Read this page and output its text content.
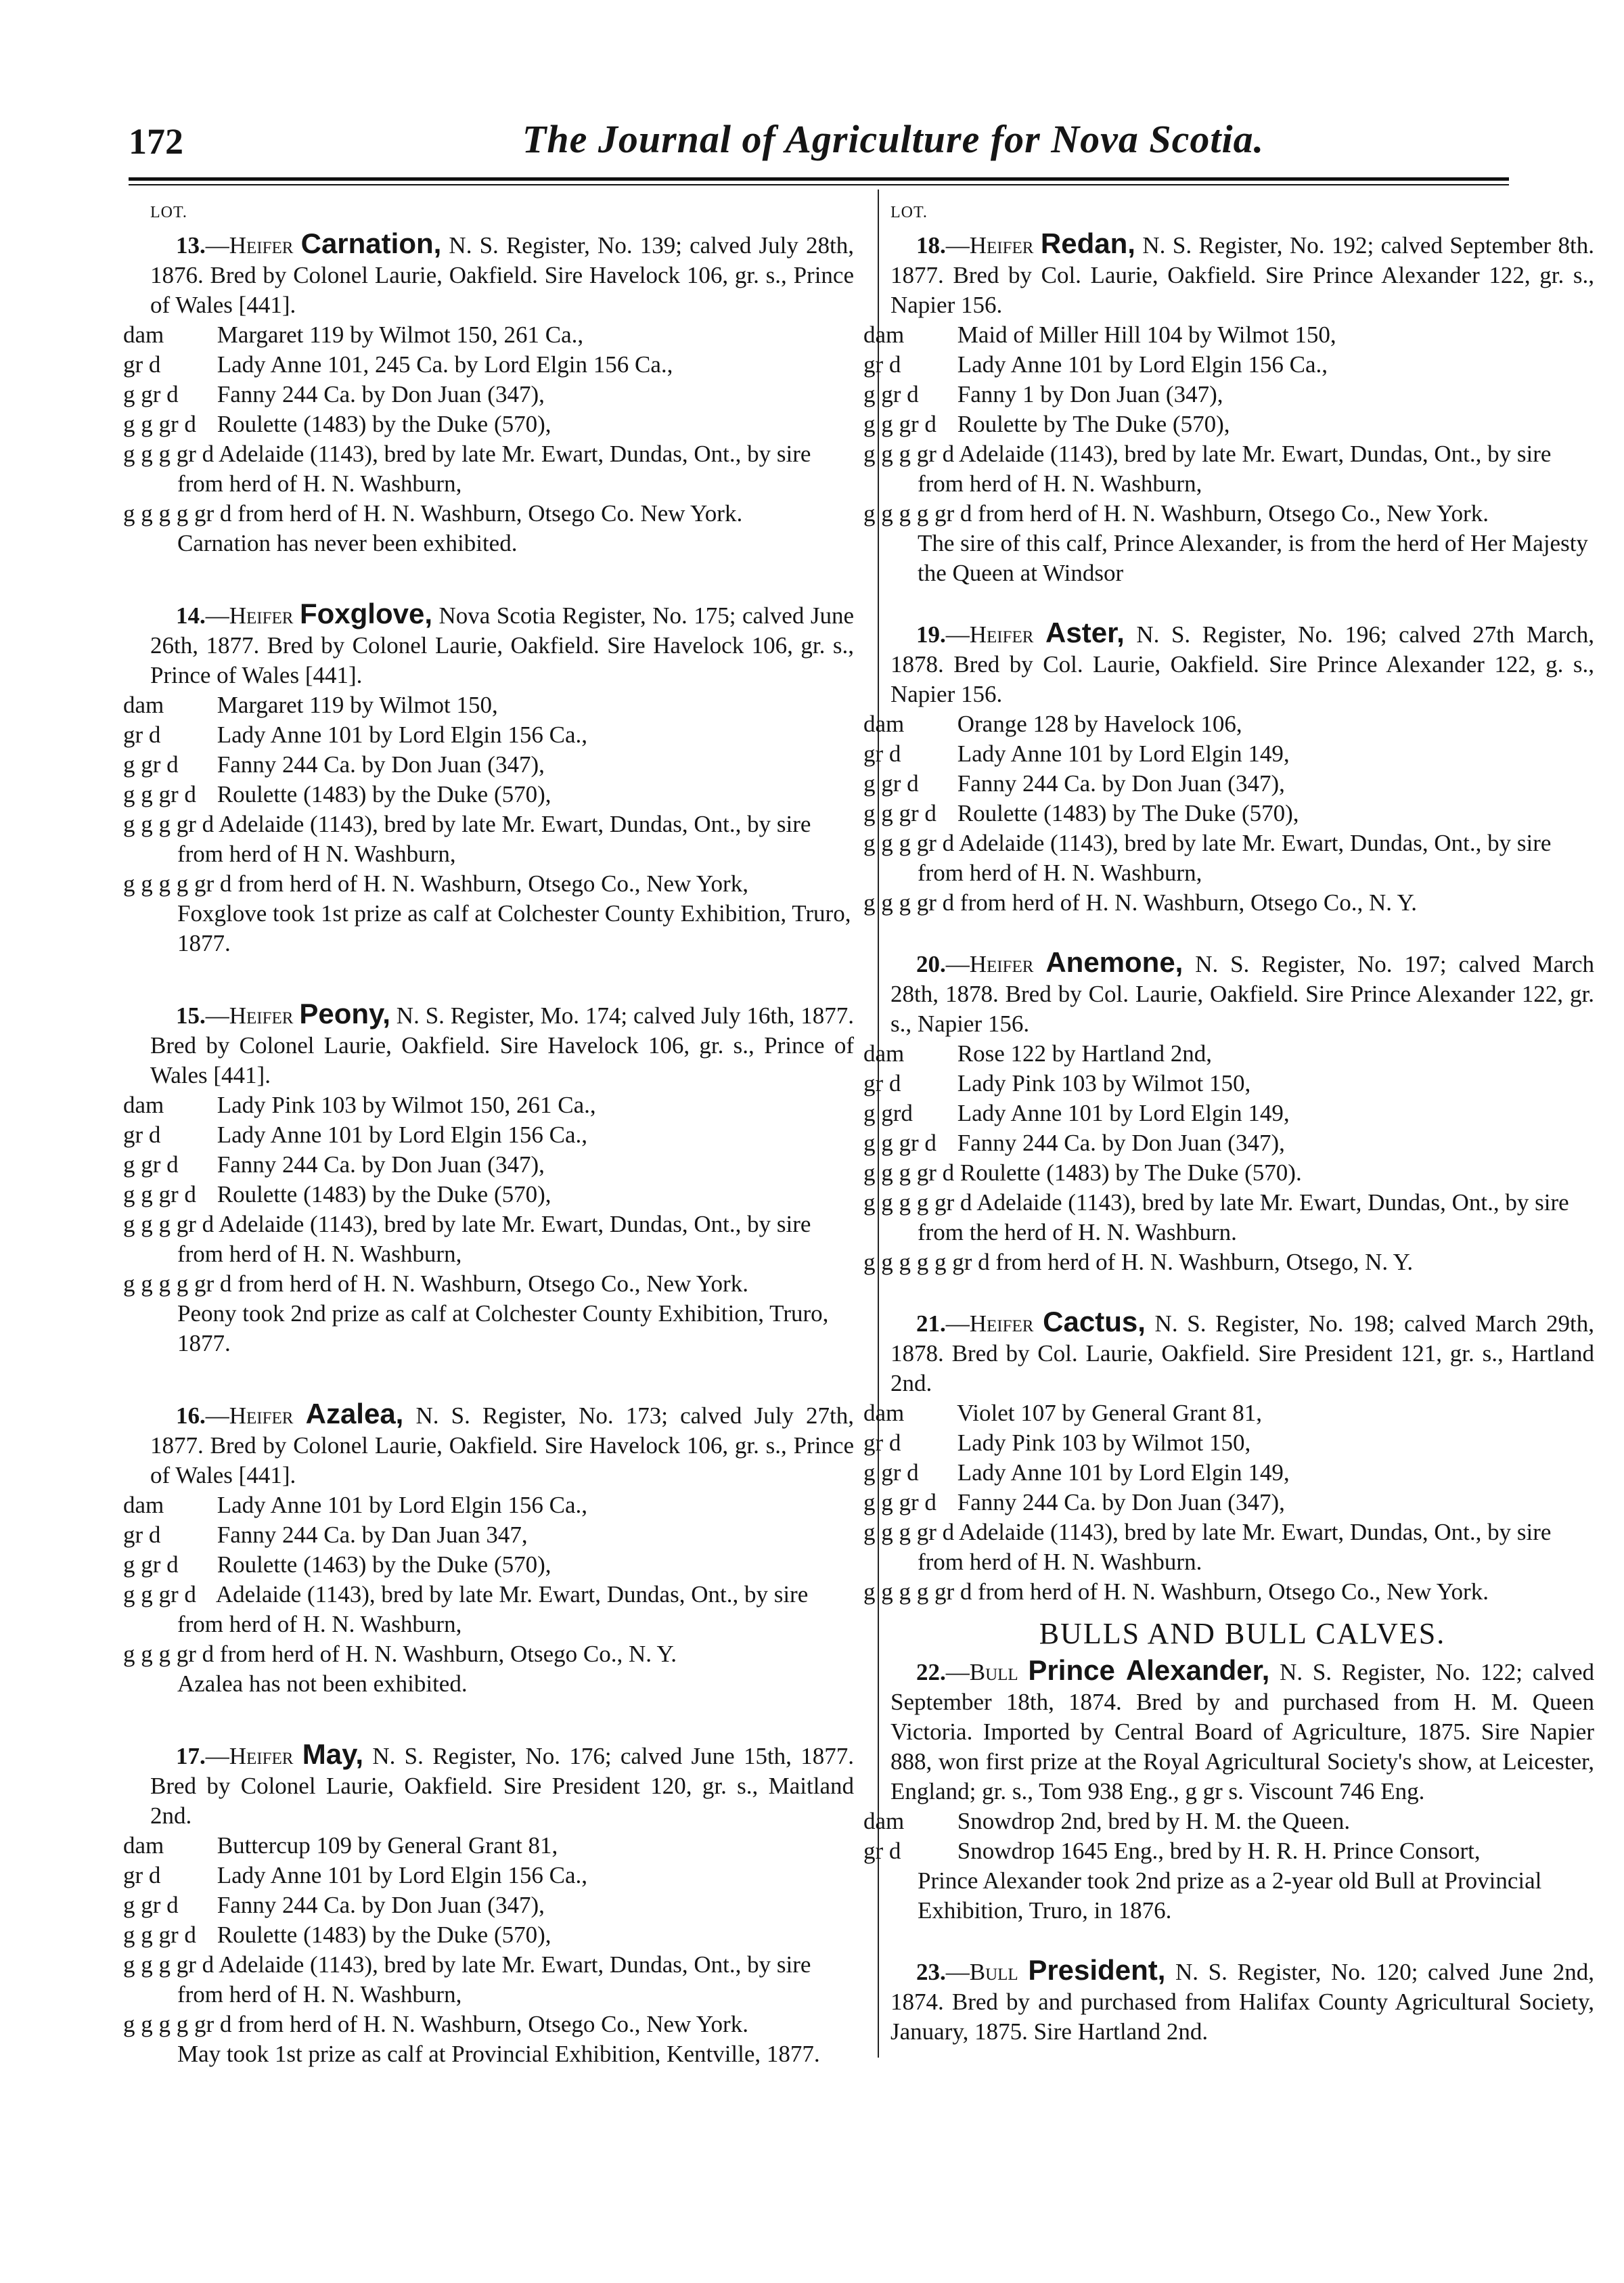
172	The Journal of Agriculture for Nova Scotia.
LOT.
13.—Heifer Carnation, N. S. Register, No. 139; calved July 28th, 1876. Bred by Colonel Laurie, Oakfield. Sire Havelock 106, gr. s., Prince of Wales [441].
dam Margaret 119 by Wilmot 150, 261 Ca.,
gr d Lady Anne 101, 245 Ca. by Lord Elgin 156 Ca.,
g gr d Fanny 244 Ca. by Don Juan (347),
g g gr d Roulette (1483) by the Duke (570),
g g g gr d Adelaide (1143), bred by late Mr. Ewart, Dundas, Ont., by sire from herd of H. N. Washburn,
g g g g gr d from herd of H. N. Washburn, Otsego Co. New York.
Carnation has never been exhibited.
14.—Heifer Foxglove, Nova Scotia Register, No. 175; calved June 26th, 1877. Bred by Colonel Laurie, Oakfield. Sire Havelock 106, gr. s., Prince of Wales [441].
dam Margaret 119 by Wilmot 150,
gr d Lady Anne 101 by Lord Elgin 156 Ca.,
g gr d Fanny 244 Ca. by Don Juan (347),
g g gr d Roulette (1483) by the Duke (570),
g g g gr d Adelaide (1143), bred by late Mr. Ewart, Dundas, Ont., by sire from herd of H N. Washburn,
g g g g gr d from herd of H. N. Washburn, Otsego Co., New York,
Foxglove took 1st prize as calf at Colchester County Exhibition, Truro, 1877.
15.—Heifer Peony, N. S. Register, Mo. 174; calved July 16th, 1877. Bred by Colonel Laurie, Oakfield. Sire Havelock 106, gr. s., Prince of Wales [441].
dam Lady Pink 103 by Wilmot 150, 261 Ca.,
gr d Lady Anne 101 by Lord Elgin 156 Ca.,
g gr d Fanny 244 Ca. by Don Juan (347),
g g gr d Roulette (1483) by the Duke (570),
g g g gr d Adelaide (1143), bred by late Mr. Ewart, Dundas, Ont., by sire from herd of H. N. Washburn,
g g g g gr d from herd of H. N. Washburn, Otsego Co., New York.
Peony took 2nd prize as calf at Colchester County Exhibition, Truro, 1877.
16.—Heifer Azalea, N. S. Register, No. 173; calved July 27th, 1877. Bred by Colonel Laurie, Oakfield. Sire Havelock 106, gr. s., Prince of Wales [441].
dam Lady Anne 101 by Lord Elgin 156 Ca.,
gr d Fanny 244 Ca. by Dan Juan 347,
g gr d Roulette (1463) by the Duke (570),
g g gr d Adelaide (1143), bred by late Mr. Ewart, Dundas, Ont., by sire from herd of H. N. Washburn,
g g g gr d from herd of H. N. Washburn, Otsego Co., N. Y.
Azalea has not been exhibited.
17.—Heifer May, N. S. Register, No. 176; calved June 15th, 1877. Bred by Colonel Laurie, Oakfield. Sire President 120, gr. s., Maitland 2nd.
dam Buttercup 109 by General Grant 81,
gr d Lady Anne 101 by Lord Elgin 156 Ca.,
g gr d Fanny 244 Ca. by Don Juan (347),
g g gr d Roulette (1483) by the Duke (570),
g g g gr d Adelaide (1143), bred by late Mr. Ewart, Dundas, Ont., by sire from herd of H. N. Washburn,
g g g g gr d from herd of H. N. Washburn, Otsego Co., New York.
May took 1st prize as calf at Provincial Exhibition, Kentville, 1877.
LOT.
18.—Heifer Redan, N. S. Register, No. 192; calved September 8th. 1877. Bred by Col. Laurie, Oakfield. Sire Prince Alexander 122, gr. s., Napier 156.
dam Maid of Miller Hill 104 by Wilmot 150,
gr d Lady Anne 101 by Lord Elgin 156 Ca.,
g gr d Fanny 1 by Don Juan (347),
g g gr d Roulette by The Duke (570),
g g g gr d Adelaide (1143), bred by late Mr. Ewart, Dundas, Ont., by sire from herd of H. N. Washburn,
g g g g gr d from herd of H. N. Washburn, Otsego Co., New York.
The sire of this calf, Prince Alexander, is from the herd of Her Majesty the Queen at Windsor
19.—Heifer Aster, N. S. Register, No. 196; calved 27th March, 1878. Bred by Col. Laurie, Oakfield. Sire Prince Alexander 122, g. s., Napier 156.
dam Orange 128 by Havelock 106,
gr d Lady Anne 101 by Lord Elgin 149,
g gr d Fanny 244 Ca. by Don Juan (347),
g g gr d Roulette (1483) by The Duke (570),
g g g gr d Adelaide (1143), bred by late Mr. Ewart, Dundas, Ont., by sire from herd of H. N. Washburn,
g g g gr d from herd of H. N. Washburn, Otsego Co., N. Y.
20.—Heifer Anemone, N. S. Register, No. 197; calved March 28th, 1878. Bred by Col. Laurie, Oakfield. Sire Prince Alexander 122, gr. s., Napier 156.
dam Rose 122 by Hartland 2nd,
gr d Lady Pink 103 by Wilmot 150,
g grd Lady Anne 101 by Lord Elgin 149,
g g gr d Fanny 244 Ca. by Don Juan (347),
g g g gr d Roulette (1483) by The Duke (570).
g g g g gr d Adelaide (1143), bred by late Mr. Ewart, Dundas, Ont., by sire from the herd of H. N. Washburn.
g g g g g gr d from herd of H. N. Washburn, Otsego, N. Y.
21.—Heifer Cactus, N. S. Register, No. 198; calved March 29th, 1878. Bred by Col. Laurie, Oakfield. Sire President 121, gr. s., Hartland 2nd.
dam Violet 107 by General Grant 81,
gr d Lady Pink 103 by Wilmot 150,
g gr d Lady Anne 101 by Lord Elgin 149,
g g gr d Fanny 244 Ca. by Don Juan (347),
g g g gr d Adelaide (1143), bred by late Mr. Ewart, Dundas, Ont., by sire from herd of H. N. Washburn.
g g g g gr d from herd of H. N. Washburn, Otsego Co., New York.
BULLS AND BULL CALVES.
22.—Bull Prince Alexander, N. S. Register, No. 122; calved September 18th, 1874. Bred by and purchased from H. M. Queen Victoria. Imported by Central Board of Agriculture, 1875. Sire Napier 888, won first prize at the Royal Agricultural Society's show, at Leicester, England; gr. s., Tom 938 Eng., g gr s. Viscount 746 Eng.
dam Snowdrop 2nd, bred by H. M. the Queen.
gr d Snowdrop 1645 Eng., bred by H. R. H. Prince Consort,
Prince Alexander took 2nd prize as a 2-year old Bull at Provincial Exhibition, Truro, in 1876.
23.—Bull President, N. S. Register, No. 120; calved June 2nd, 1874. Bred by and purchased from Halifax County Agricultural Society, January, 1875. Sire Hartland 2nd.
